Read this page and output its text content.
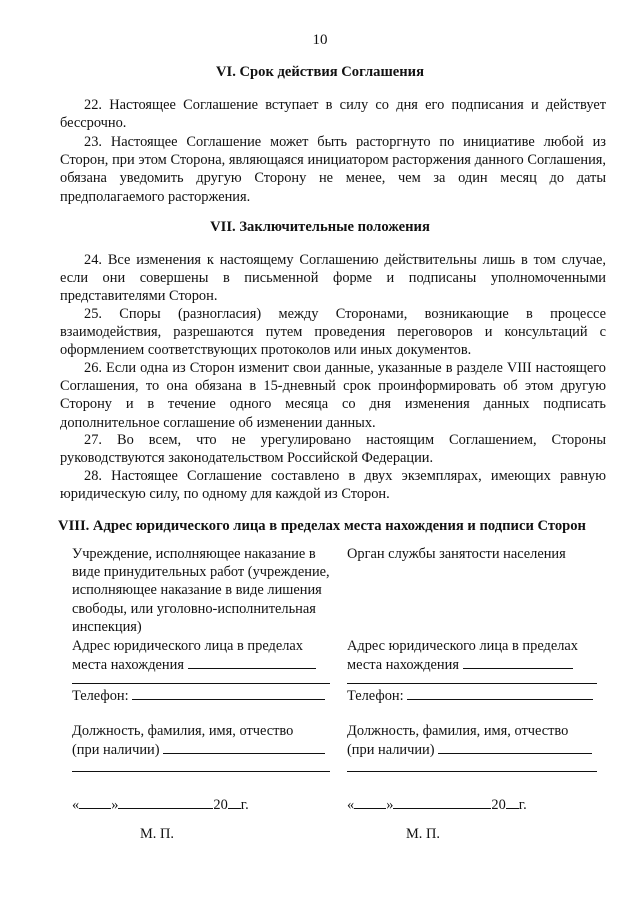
10
VI. Срок действия Соглашения

22. Настоящее Соглашение вступает в силу со дня его подписания и действует бессрочно.

23. Настоящее Соглашение может быть расторгнуто по инициативе любой из Сторон, при этом Сторона, являющаяся инициатором расторжения данного Соглашения, обязана уведомить другую Сторону не менее, чем за один месяц до даты предполагаемого расторжения.

VII. Заключительные положения

24. Все изменения к настоящему Соглашению действительны лишь в том случае, если они совершены в письменной форме и подписаны уполномоченными представителями Сторон.

25. Споры (разногласия) между Сторонами, возникающие в процессе взаимодействия, разрешаются путем проведения переговоров и консультаций с оформлением соответствующих протоколов или иных документов.

26. Если одна из Сторон изменит свои данные, указанные в разделе VIII настоящего Соглашения, то она обязана в 15-дневный срок проинформировать об этом другую Сторону и в течение одного месяца со дня изменения данных подписать дополнительное соглашение об изменении данных.

27. Во всем, что не урегулировано настоящим Соглашением, Стороны руководствуются законодательством Российской Федерации.

28. Настоящее Соглашение составлено в двух экземплярах, имеющих равную юридическую силу, по одному для каждой из Сторон.

VIII. Адрес юридического лица в пределах места нахождения и подписи Сторон
Учреждение, исполняющее наказание в виде принудительных работ (учреждение, исполняющее наказание в виде лишения свободы, или уголовно-исполнительная инспекция)
Адрес юридического лица в пределах
места нахождения
Телефон:
Должность, фамилия, имя, отчество
(при наличии)
« »	20 г.
М. П.
Орган службы занятости населения
Адрес юридического лица в пределах
места нахождения
Телефон:
Должность, фамилия, имя, отчество
(при наличии)
« »	20 г.
М. П.
